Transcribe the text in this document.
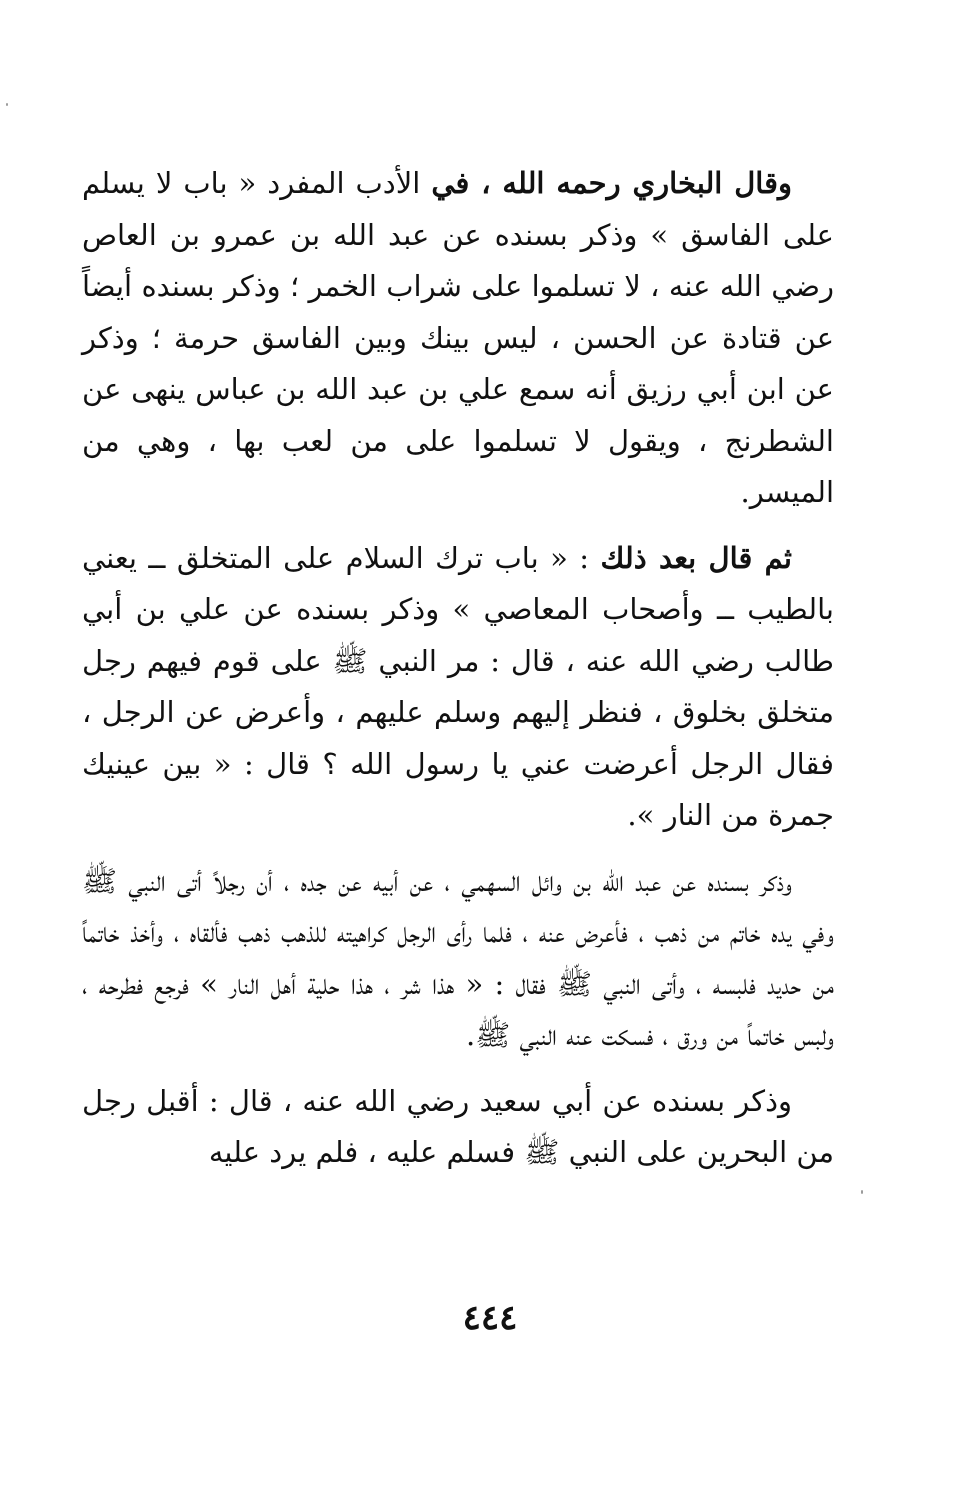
وقال البخاري رحمه الله ، في الأدب المفرد « باب لا يسلم على الفاسق » وذكر بسنده عن عبد الله بن عمرو بن العاص رضي الله عنه ، لا تسلموا على شراب الخمر ؛ وذكر بسنده أيضاً عن قتادة عن الحسن ، ليس بينك وبين الفاسق حرمة ؛ وذكر عن ابن أبي رزيق أنه سمع علي بن عبد الله بن عباس ينهى عن الشطرنج ، ويقول لا تسلموا على من لعب بها ، وهي من الميسر.

ثم قال بعد ذلك : « باب ترك السلام على المتخلق ــ يعني بالطيب ــ وأصحاب المعاصي » وذكر بسنده عن علي بن أبي طالب رضي الله عنه ، قال : مر النبي ﷺ على قوم فيهم رجل متخلق بخلوق ، فنظر إليهم وسلم عليهم ، وأعرض عن الرجل ، فقال الرجل أعرضت عني يا رسول الله ؟ قال : « بين عينيك جمرة من النار ».

وذكر بسنده عن عبد الله بن وائل السهمي ، عن أبيه عن جده ، أن رجلاً أتى النبي ﷺ وفي يده خاتم من ذهب ، فأعرض عنه ، فلما رأى الرجل كراهيته للذهب ذهب فألقاه ، وأخذ خاتماً من حديد فلبسه ، وأتى النبي ﷺ فقال : « هذا شر ، هذا حلية أهل النار » فرجع فطرحه ، ولبس خاتماً من ورق ، فسكت عنه النبي ﷺ.

وذكر بسنده عن أبي سعيد رضي الله عنه ، قال : أقبل رجل من البحرين على النبي ﷺ فسلم عليه ، فلم يرد عليه

٤٤٤
